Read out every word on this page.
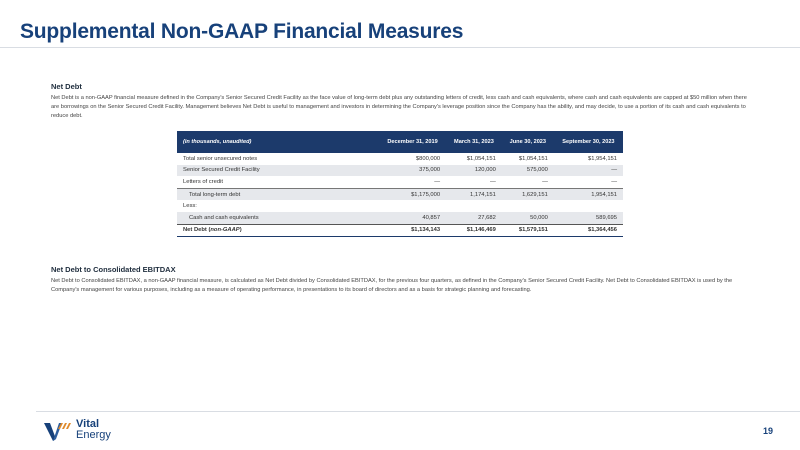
Supplemental Non-GAAP Financial Measures

Net Debt

Net Debt is a non-GAAP financial measure defined in the Company's Senior Secured Credit Facility as the face value of long-term debt plus any outstanding letters of credit, less cash and cash equivalents, where cash and cash equivalents are capped at $50 million when there are borrowings on the Senior Secured Credit Facility. Management believes Net Debt is useful to management and investors in determining the Company's leverage position since the Company has the ability, and may decide, to use a portion of its cash and cash equivalents to reduce debt.

(in thousands, unaudited)	December 31, 2019	March 31, 2023	June 30, 2023	September 30, 2023
Total senior unsecured notes	$800,000	$1,054,151	$1,054,151	$1,954,151
Senior Secured Credit Facility	375,000	120,000	575,000	—
Letters of credit	—	—	—	—
Total long-term debt	$1,175,000	1,174,151	1,629,151	1,954,151
Less:				
Cash and cash equivalents	40,857	27,682	50,000	589,695
Net Debt (non-GAAP)	$1,134,143	$1,146,469	$1,579,151	$1,364,456

Net Debt to Consolidated EBITDAX

Net Debt to Consolidated EBITDAX, a non-GAAP financial measure, is calculated as Net Debt divided by Consolidated EBITDAX, for the previous four quarters, as defined in the Company's Senior Secured Credit Facility. Net Debt to Consolidated EBITDAX is used by the Company's management for various purposes, including as a measure of operating performance, in presentations to its board of directors and as a basis for strategic planning and forecasting.

Vital
Energy	19
